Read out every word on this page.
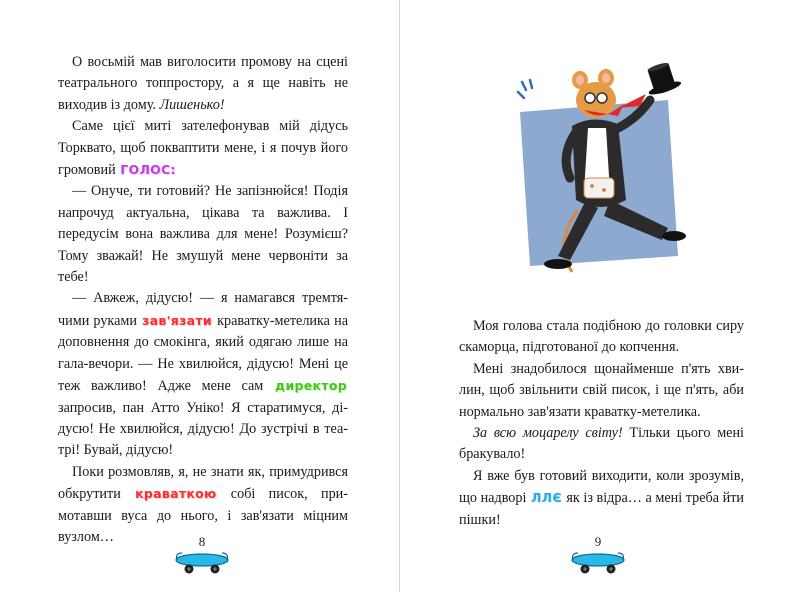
О восьмій мав виголосити промову на сцені театрального топпростору, а я ще навіть не виходив із дому. Лишенько!

Саме цієї миті зателефонував мій дідусь Торквато, щоб покваптити мене, і я почув його громовий ГОЛОС:

— Онуче, ти готовий? Не запізнюйся! Подія напрочуд актуальна, цікава та важлива. І передусім вона важлива для мене! Розумієш? Тому зважай! Не змушуй мене червоніти за тебе!

— Авжеж, дідусю! — я намагався тремтячими руками зав'язати краватку-метелика на доповнення до смокінга, який одягаю лише на гала-вечори. — Не хвилюйся, дідусю! Мені це теж важливо! Адже мене сам директор запросив, пан Атто Уніко! Я старатимуся, дідусю! Не хвилюйся, дідусю! До зустрічі в театрі! Бувай, дідусю!

Поки розмовляв, я, не знати як, примудрився обкрутити краваткою собі писок, примотавши вуса до нього, і зав'язати міцним вузлом…	8

Моя голова стала подібною до головки сиру скаморца, підготованої до копчення.

Мені знадобилося щонайменше п'ять хвилин, щоб звільнити свій писок, і ще п'ять, аби нормально зав'язати краватку-метелика.

За всю моцарелу світу! Тільки цього мені бракувало!

Я вже був готовий виходити, коли зрозумів, що надворі ЛЛЄ як із відра… а мені треба йти пішки!

9
